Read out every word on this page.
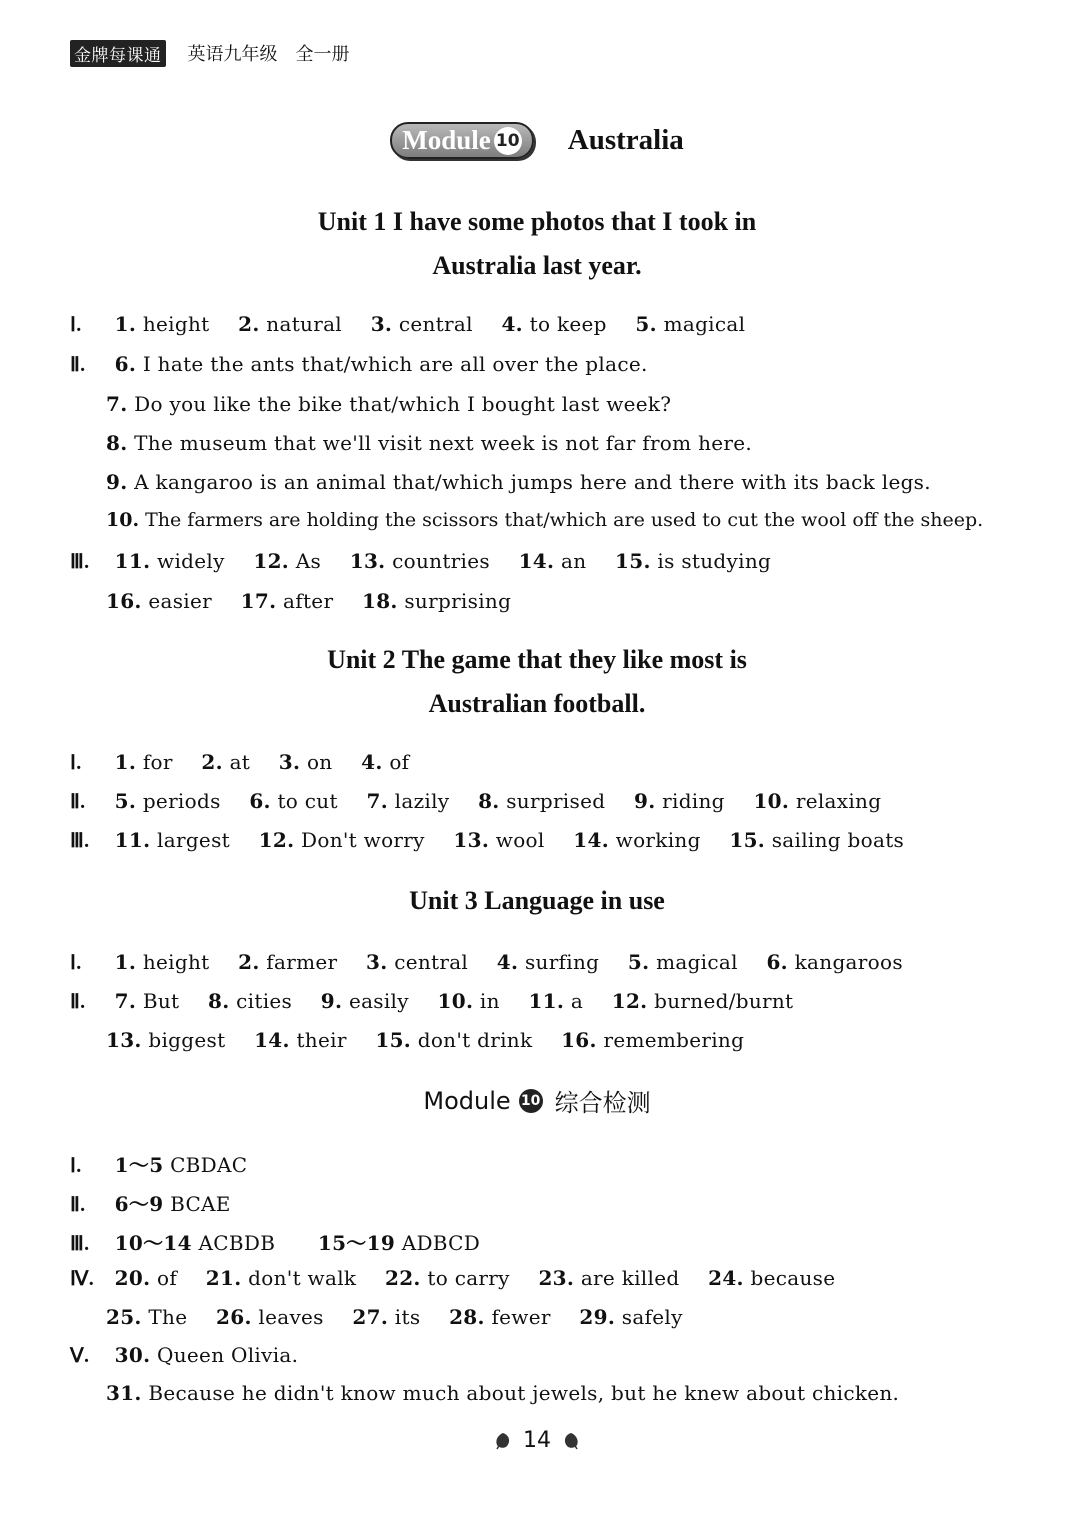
金牌每课通 英语九年级 全一册
Module 10 Australia
Unit 1 I have some photos that I took in
Australia last year.
Ⅰ. 1. height 2. natural 3. central 4. to keep 5. magical
Ⅱ. 6. I hate the ants that/which are all over the place.
7. Do you like the bike that/which I bought last week?
8. The museum that we'll visit next week is not far from here.
9. A kangaroo is an animal that/which jumps here and there with its back legs.
10. The farmers are holding the scissors that/which are used to cut the wool off the sheep.
Ⅲ. 11. widely 12. As 13. countries 14. an 15. is studying
16. easier 17. after 18. surprising
Unit 2 The game that they like most is
Australian football.
Ⅰ. 1. for 2. at 3. on 4. of
Ⅱ. 5. periods 6. to cut 7. lazily 8. surprised 9. riding 10. relaxing
Ⅲ. 11. largest 12. Don't worry 13. wool 14. working 15. sailing boats
Unit 3 Language in use
Ⅰ. 1. height 2. farmer 3. central 4. surfing 5. magical 6. kangaroos
Ⅱ. 7. But 8. cities 9. easily 10. in 11. a 12. burned/burnt
13. biggest 14. their 15. don't drink 16. remembering
Module 10 综合检测
Ⅰ. 1～5 CBDAC
Ⅱ. 6～9 BCAE
Ⅲ. 10～14 ACBDB 15～19 ADBCD
Ⅳ. 20. of 21. don't walk 22. to carry 23. are killed 24. because
25. The 26. leaves 27. its 28. fewer 29. safely
Ⅴ. 30. Queen Olivia.
31. Because he didn't know much about jewels, but he knew about chicken.
14
